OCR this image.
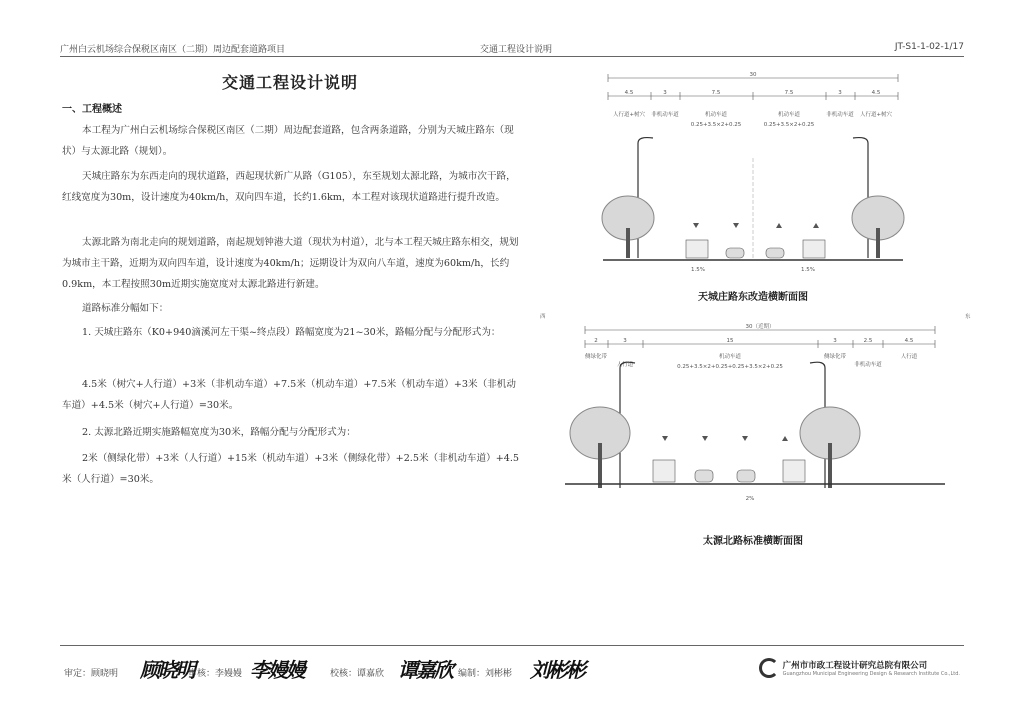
广州白云机场综合保税区南区（二期）周边配套道路项目	交通工程设计说明	JT-S1-1-02-1/17
交通工程设计说明
一、工程概述
本工程为广州白云机场综合保税区南区（二期）周边配套道路，包含两条道路，分别为天城庄路东（现状）与太源北路（规划）。
天城庄路东为东西走向的现状道路，西起现状新广从路（G105），东至规划太源北路，为城市次干路，红线宽度为30m，设计速度为40km/h，双向四车道，长约1.6km，本工程对该现状道路进行提升改造。
太源北路为南北走向的规划道路，南起规划钟港大道（现状为村道），北与本工程天城庄路东相交，规划为城市主干路，近期为双向四车道，设计速度为40km/h；远期设计为双向八车道，速度为60km/h，长约0.9km，本工程按照30m近期实施宽度对太源北路进行新建。
道路标准分幅如下：
1. 天城庄路东（K0+940滴溪河左干渠~终点段）路幅宽度为21~30米，路幅分配与分配形式为：
4.5米（树穴+人行道）+3米（非机动车道）+7.5米（机动车道）+7.5米（机动车道）+3米（非机动车道）+4.5米（树穴+人行道）=30米。
2. 太源北路近期实施路幅宽度为30米，路幅分配与分配形式为：
2米（侧绿化带）+3米（人行道）+15米（机动车道）+3米（侧绿化带）+2.5米（非机动车道）+4.5米（人行道）=30米。
30
4.5	3	7.5	7.5	3	4.5
人行道+树穴 非机动车道	机动车道	机动车道	非机动车道 人行道+树穴
0.25+3.5×2+0.25	0.25+3.5×2+0.25
1.5%	1.5%
天城庄路东改造横断面图
西	东
30（近期）
2	3	15	3	2.5	4.5
侧绿化带
人行道
机动车道	侧绿化带
非机动车道
人行道
0.25+3.5×2+0.25+0.25+3.5×2+0.25
2%
太源北路标准横断面图
审定：顾晓明 顾晓明
审核：李嫚嫚 李嫚嫚	校核：谭嘉欣 谭嘉欣 编制：刘彬彬 刘彬彬	广州市市政工程设计研究总院有限公司
Guangzhou Municipal Engineering Design & Research Institute Co.,Ltd.
